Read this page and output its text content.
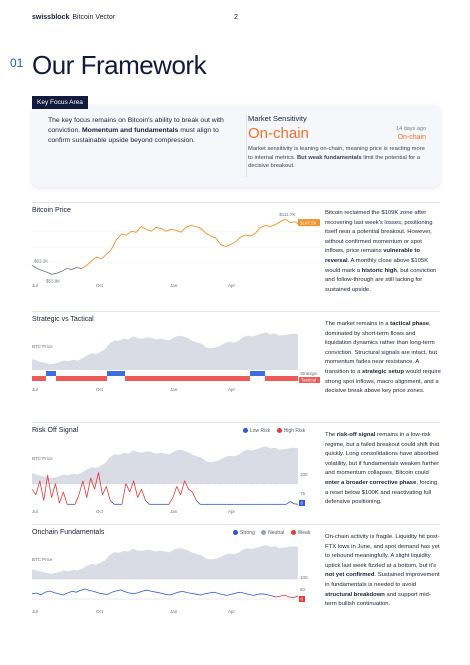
swissblock Bitcoin Vector	2
01 Our Framework
The key focus remains on Bitcoin's ability to break out with conviction. Momentum and fundamentals must align to confirm sustainable upside beyond compression.
Market Sensitivity
On-chain	14 days ago
On-chain
Market sensitivity is leaning on-chain, meaning price is reacting more to internal metrics. But weak fundamentals limit the potential for a decisive breakout.
Key Focus Area
Bitcoin Price	Bitcoin reclaimed the $109K zone after recovering last week's losses, positioning itself near a potential breakout. However, without confirmed momentum or spot inflows, price remains vulnerable to reversal. A monthly close above $105K would mark a historic high, but conviction and follow-through are still lacking for sustained upside.
$63.2K
$53.9K
$111.7K
$107.5K
Jul	Oct	Jan	Apr
Strategic vs Tactical
The market remains in a tactical phase, dominated by short-term flows and liquidation dynamics rather than long-term conviction. Structural signals are intact, but momentum fades near resistance. A transition to a strategic setup would require strong spot inflows, macro alignment, and a decisive break above key price zones.
BTC Price
Strategic
Tactical
Jul	Oct	Jan	Apr
Risk Off Signal	Low Risk	High Risk
The risk-off signal remains in a low-risk regime, but a failed breakout could shift that quickly. Long consolidations have absorbed volatility, but if fundamentals weaken further and momentum collapses, Bitcoin could enter a broader corrective phase, forcing a reset below $100K and reactivating full defensive positioning.
BTC Price
100
75
0
Jul	Oct	Jan	Apr
Onchain Fundamentals	Strong	Neutral	Weak
On-chain activity is fragile. Liquidity hit post-FTX lows in June, and spot demand has yet to rebound meaningfully. A slight liquidity uptick last week fizzled at a bottom, but it's not yet confirmed. Sustained improvement in fundamentals is needed to avoid structural breakdown and support mid-term bullish continuation.
BTC Price
100
50
0
Jul	Oct	Jan	Apr
